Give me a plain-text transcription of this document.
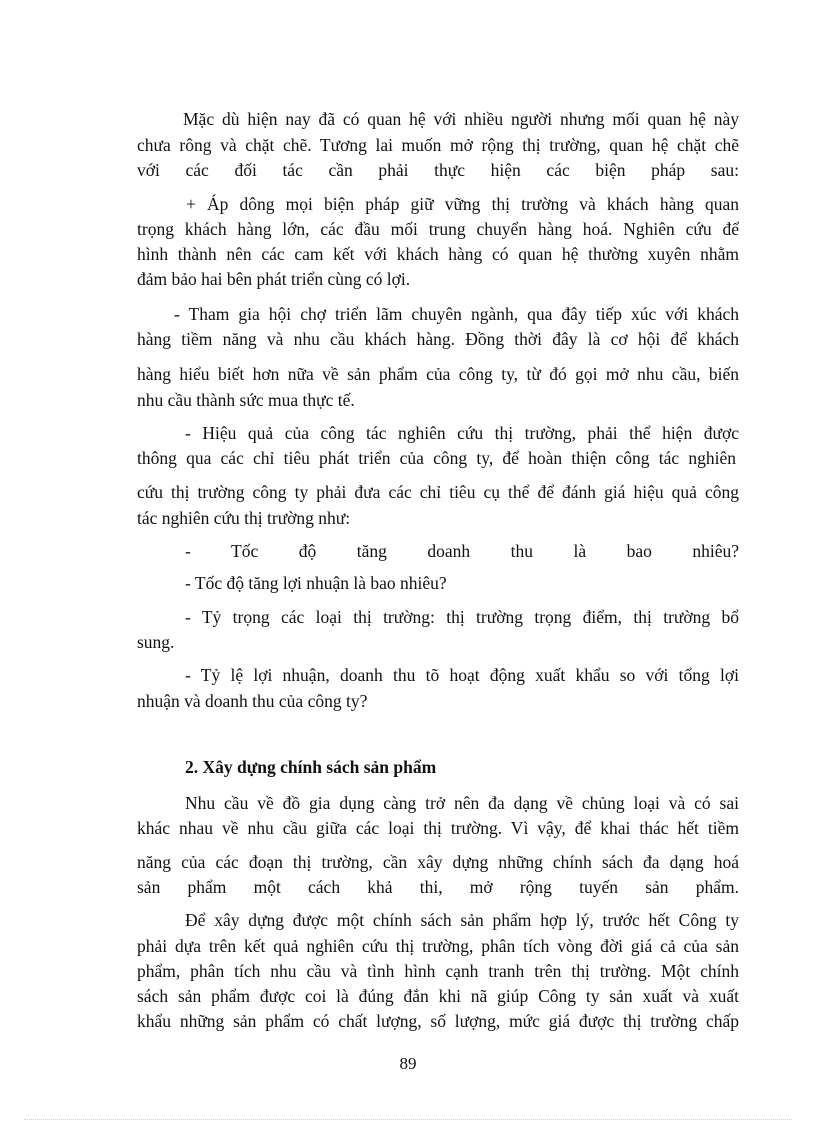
Mặc dù hiện nay đã có quan hệ với nhiều người nhưng mối quan hệ này
chưa rông và chặt chẽ. Tương lai muốn mở rộng thị trường, quan hệ chặt chẽ
với các đối tác cần phải thực hiện các biện pháp sau:
+ Áp dông mọi biện pháp giữ vững thị trường và khách hàng quan
trọng khách hàng lớn, các đầu mối trung chuyển hàng hoá. Nghiên cứu để
hình thành nên các cam kết với khách hàng có quan hệ thường xuyên nhằm
đảm bảo hai bên phát triển cùng có lợi.
- Tham gia hội chợ triển lãm chuyên ngành, qua đây tiếp xúc với khách
hàng tiềm năng và nhu cầu khách hàng. Đồng thời đây là cơ hội để khách
hàng hiểu biết hơn nữa về sản phẩm của công ty, từ đó gọi mở nhu cầu, biến
nhu cầu thành sức mua thực tế.
- Hiệu quả của công tác nghiên cứu thị trường, phải thể hiện được
thông qua các chỉ tiêu phát triển của công ty, để hoàn thiện công tác nghiên
cứu thị trường công ty phải đưa các chỉ tiêu cụ thể để đánh giá hiệu quả công
tác nghiên cứu thị trường như:
- Tốc độ tăng doanh thu là bao nhiêu?
- Tốc độ tăng lợi nhuận là bao nhiêu?
- Tỷ trọng các loại thị trường: thị trường trọng điểm, thị trường bổ
sung.
- Tỷ lệ lợi nhuận, doanh thu tõ hoạt động xuất khẩu so với tổng lợi
nhuận và doanh thu của công ty?
2. Xây dựng chính sách sản phẩm
Nhu cầu về đồ gia dụng càng trở nên đa dạng về chủng loại và có sai
khác nhau về nhu cầu giữa các loại thị trường. Vì vậy, để khai thác hết tiềm
năng của các đoạn thị trường, cần xây dựng những chính sách đa dạng hoá
sản phẩm một cách khả thi, mở rộng tuyến sản phẩm.
Để xây dựng được một chính sách sản phẩm hợp lý, trước hết Công ty
phải dựa trên kết quả nghiên cứu thị trường, phân tích vòng đời giá cả của sản
phẩm, phân tích nhu cầu và tình hình cạnh tranh trên thị trường. Một chính
sách sản phẩm được coi là đúng đắn khi nã giúp Công ty sản xuất và xuất
khẩu những sản phẩm có chất lượng, số lượng, mức giá được thị trường chấp
89
